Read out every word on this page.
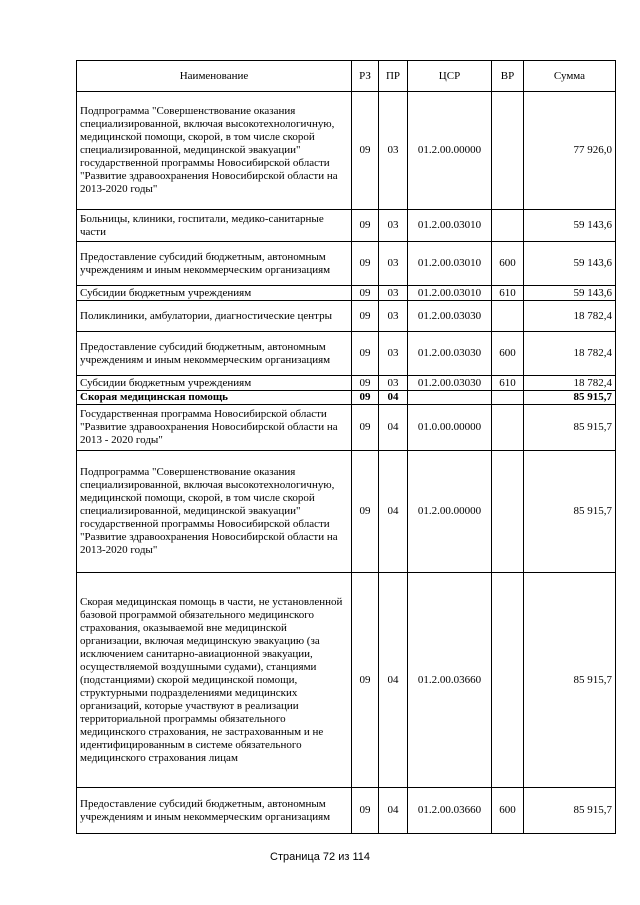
Наименование	РЗ	ПР	ЦСР	ВР	Сумма
Подпрограмма "Совершенствование оказания специализированной, включая высокотехнологичную, медицинской помощи, скорой, в том числе скорой специализированной, медицинской эвакуации" государственной программы Новосибирской области "Развитие здравоохранения Новосибирской области на 2013-2020 годы"	09	03	01.2.00.00000		77 926,0
Больницы, клиники, госпитали, медико-санитарные части	09	03	01.2.00.03010		59 143,6
Предоставление субсидий бюджетным, автономным учреждениям и иным некоммерческим организациям	09	03	01.2.00.03010	600	59 143,6
Субсидии бюджетным учреждениям	09	03	01.2.00.03010	610	59 143,6
Поликлиники, амбулатории, диагностические центры	09	03	01.2.00.03030		18 782,4
Предоставление субсидий бюджетным, автономным учреждениям и иным некоммерческим организациям	09	03	01.2.00.03030	600	18 782,4
Субсидии бюджетным учреждениям	09	03	01.2.00.03030	610	18 782,4
Скорая медицинская помощь	09	04			85 915,7
Государственная программа Новосибирской области "Развитие здравоохранения Новосибирской области на 2013 - 2020 годы"	09	04	01.0.00.00000		85 915,7
Подпрограмма "Совершенствование оказания специализированной, включая высокотехнологичную, медицинской помощи, скорой, в том числе скорой специализированной, медицинской эвакуации" государственной программы Новосибирской области "Развитие здравоохранения Новосибирской области на 2013-2020 годы"	09	04	01.2.00.00000		85 915,7
Скорая медицинская помощь в части, не установленной базовой программой обязательного медицинского страхования, оказываемой вне медицинской организации, включая медицинскую эвакуацию (за исключением санитарно-авиационной эвакуации, осуществляемой воздушными судами), станциями (подстанциями) скорой медицинской помощи, структурными подразделениями медицинских организаций, которые участвуют в реализации территориальной программы обязательного медицинского страхования, не застрахованным и не идентифицированным в системе обязательного медицинского страхования лицам	09	04	01.2.00.03660		85 915,7
Предоставление субсидий бюджетным, автономным учреждениям и иным некоммерческим организациям	09	04	01.2.00.03660	600	85 915,7
Страница 72 из 114
